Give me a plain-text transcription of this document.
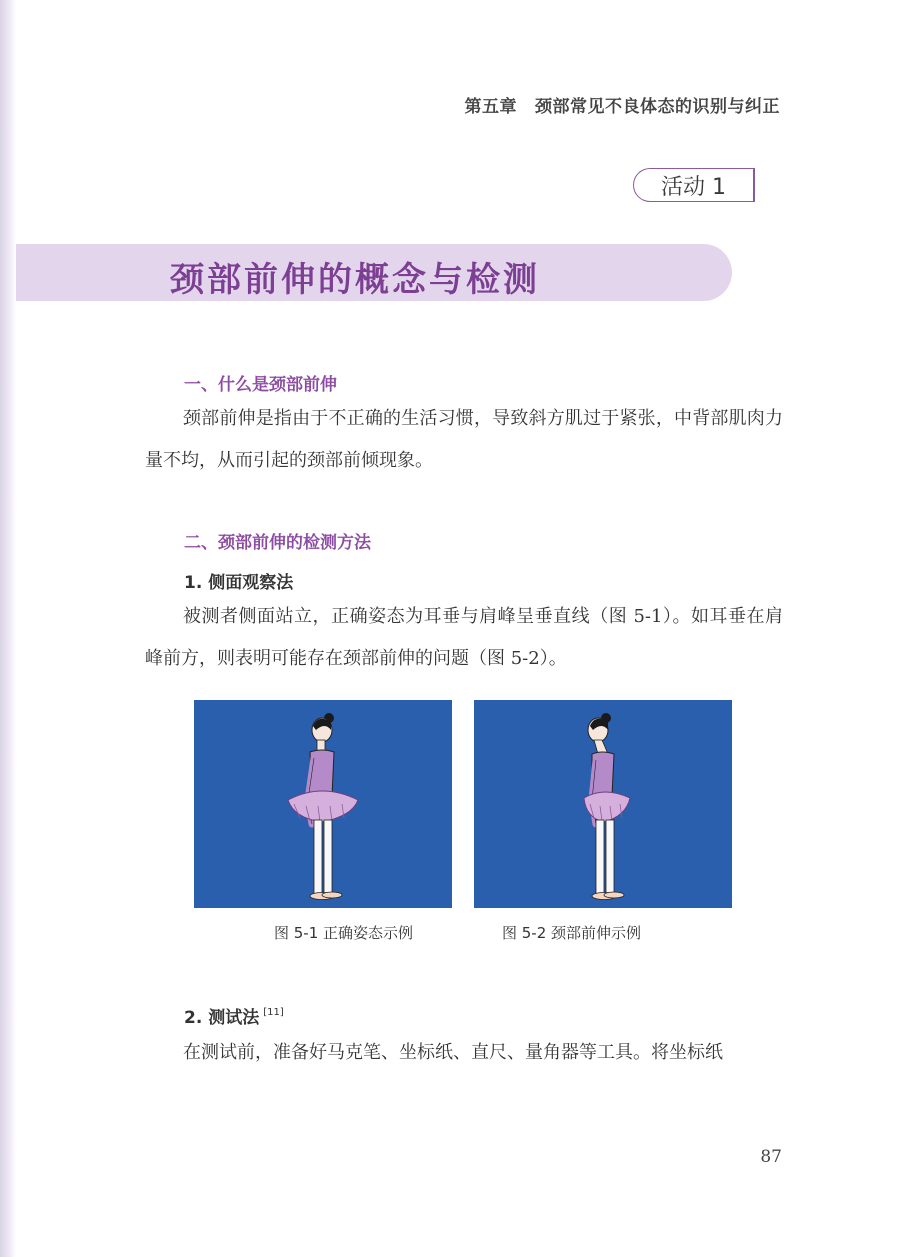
第五章 颈部常见不良体态的识别与纠正
活动 1
颈部前伸的概念与检测
一、什么是颈部前伸

颈部前伸是指由于不正确的生活习惯，导致斜方肌过于紧张，中背部肌肉力量不均，从而引起的颈部前倾现象。

二、颈部前伸的检测方法
1. 侧面观察法

被测者侧面站立，正确姿态为耳垂与肩峰呈垂直线（图 5-1）。如耳垂在肩峰前方，则表明可能存在颈部前伸的问题（图 5-2）。

图 5-1 正确姿态示例	图 5-2 颈部前伸示例
2. 测试法 [11]

在测试前，准备好马克笔、坐标纸、直尺、量角器等工具。将坐标纸

87
